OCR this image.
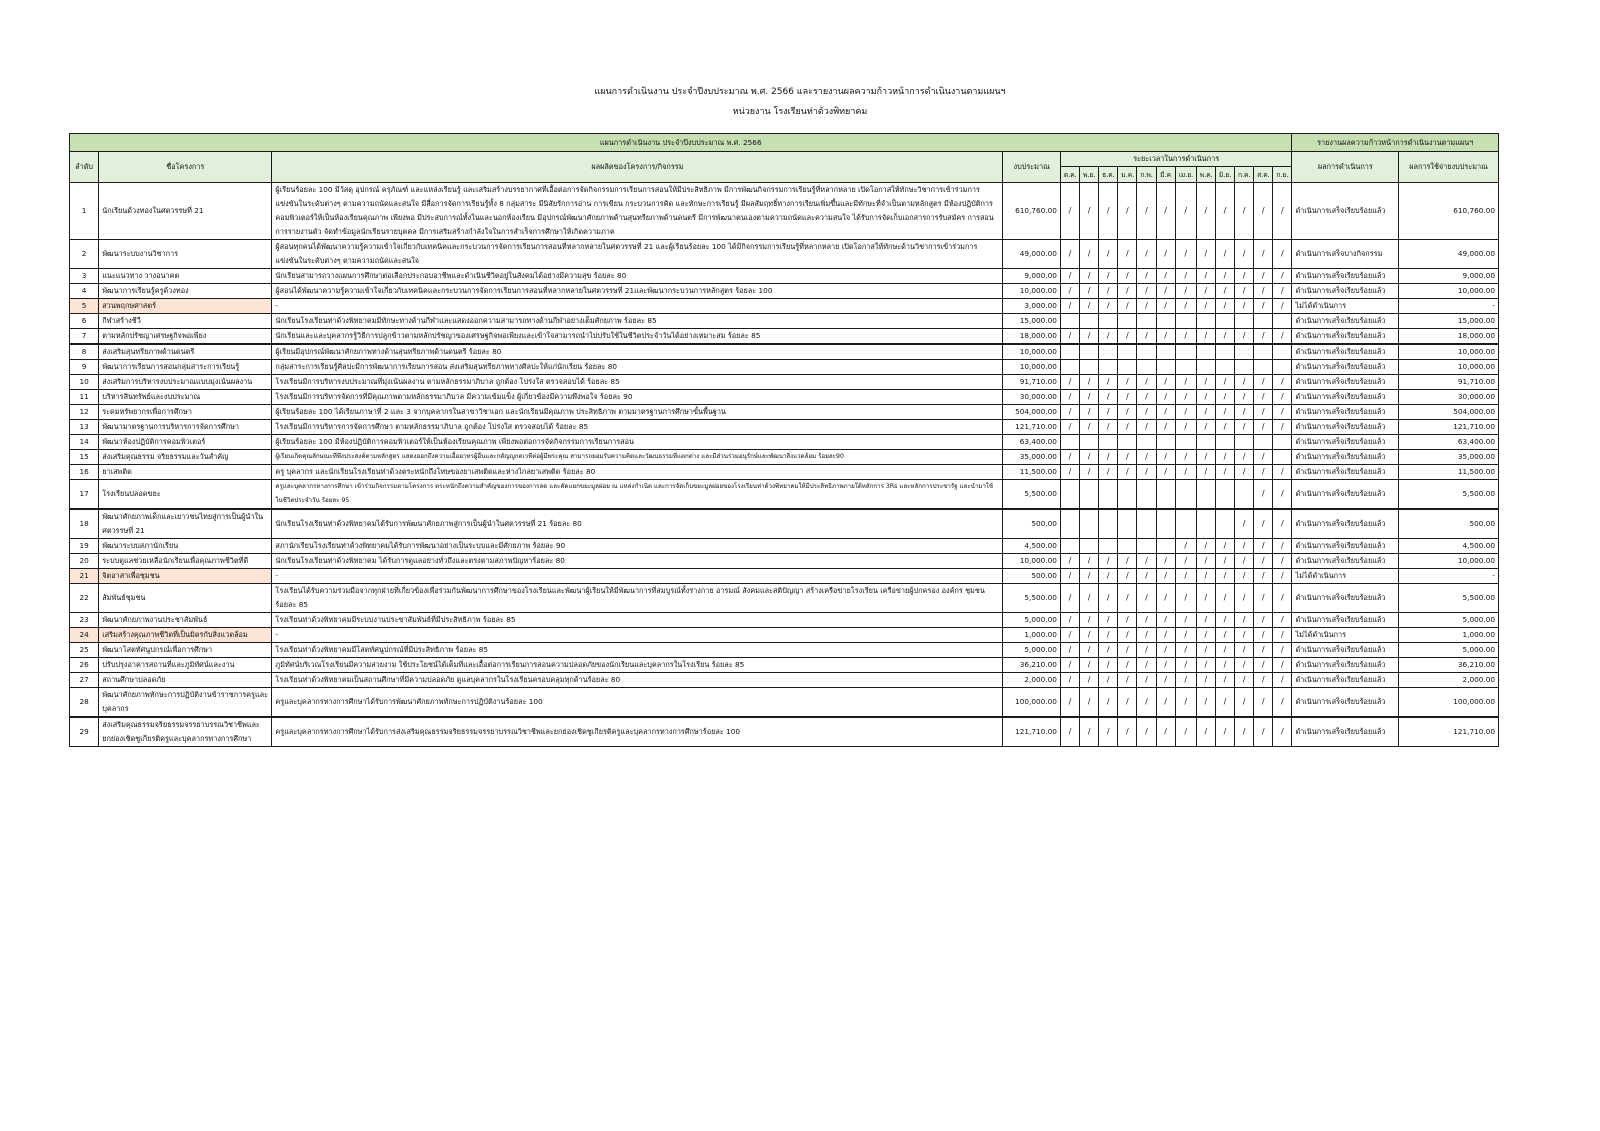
แผนการดำเนินงาน ประจำปีงบประมาณ พ.ศ. 2566 และรายงานผลความก้าวหน้าการดำเนินงานตามแผนฯ
หน่วยงาน โรงเรียนท่าด้วงพิทยาคม
แผนการดำเนินงาน ประจำปีงบประมาณ พ.ศ. 2566																รายงานผลความก้าวหน้าการดำเนินงานตามแผนฯ	
ลำดับ	ชื่อโครงการ	ผลผลิตของโครงการ/กิจกรรม	งบประมาณ	ระยะเวลาในการดำเนินการ												ผลการดำเนินการ	ผลการใช้จ่ายงบประมาณ
				ต.ค.	พ.ย.	ธ.ค.	ม.ค.	ก.พ.	มี.ค	เม.ย.	พ.ค.	มิ.ย.	ก.ค.	ส.ค.	ก.ย.		
1	นักเรียนด้วงทองในศตวรรษที่ 21	ผู้เรียนร้อยละ 100 มีวัสดุ อุปกรณ์ ครุภัณฑ์ และแหล่งเรียนรู้ และเสริมสร้างบรรยากาศที่เอื้อต่อการจัดกิจกรรมการเรียนการสอนให้มีประสิทธิภาพ มีการพัฒนกิจกรรมการเรียนรู้ที่หลากหลาย เปิดโอกาสให้ทักษะวิชาการเข้าร่วมการแข่งขันในระดับต่างๆ ตามความถนัดและสนใจ มีสื่อการจัดการเรียนรู้ทั้ง 8 กลุ่มสาระ มีนิสัยรักการอ่าน การเขียน กระบวนการคิด และทักษะการเรียนรู้ มีผลสัมฤทธิ์ทางการเรียนเพิ่มขึ้นและมีทักษะที่จำเป็นตามหลักสูตร มีห้องปฏิบัติการคอมพิวเตอร์ให้เป็นห้องเรียนคุณภาพ เพียงพอ มีประสบการณ์ทั้งในและนอกห้องเรียน มีอุปกรณ์พัฒนาศักยภาพด้านสุนทรียภาพด้านดนตรี มีการพัฒนาตนเองตามความถนัดและความสนใจ ได้รับการจัดเก็บเอกสารการรับสมัคร การสอน การรายงานตัว จัดทำข้อมูลนักเรียนรายบุคคล มีการเสริมสร้างกำลังใจในการสำเร็จการศึกษาให้เกิดความภาค	610,760.00	/	/	/	/	/	/	/	/	/	/	/	/	ดำเนินการเสร็จเรียบร้อยแล้ว	610,760.00
2	พัฒนาระบบงานวิชาการ	ผู้สอนทุกคนได้พัฒนาความรู้ความเข้าใจเกี่ยวกับเทคนิคและกระบวนการจัดการเรียนการสอนที่หลากหลายในศตวรรษที่ 21 และผู้เรียนร้อยละ 100 ได้มีกิจกรรมการเรียนรู้ที่หลากหลาย เปิดโอกาสให้ทักษะด้านวิชาการเข้าร่วมการแข่งขันในระดับต่างๆ ตามความถนัดและสนใจ	49,000.00	/	/	/	/	/	/	/	/	/	/	/	/	ดำเนินการเสร็จบางกิจกรรม	49,000.00
3	แนะแนวทาง วางอนาคต	นักเรียนสามารถวางแผนการศึกษาต่อเลือกประกอบอาชีพและดำเนินชีวิตอยู่ในสังคมได้อย่างมีความสุข ร้อยละ 80	9,000.00	/	/	/	/	/	/	/	/	/	/	/	/	ดำเนินการเสร็จเรียบร้อยแล้ว	9,000.00
4	พัฒนาการเรียนรู้ครูด้วงทอง	ผู้สอนได้พัฒนาความรู้ความเข้าใจเกี่ยวกับเทคนิคและกระบวนการจัดการเรียนการสอนที่หลากหลายในศตวรรษที่ 21และพัฒนากระบวนการหลักสูตร ร้อยละ 100	10,000.00	/	/	/	/	/	/	/	/	/	/	/	/	ดำเนินการเสร็จเรียบร้อยแล้ว	10,000.00
5	สวนพฤกษศาสตร์	-	3,000.00	/	/	/	/	/	/	/	/	/	/	/	/	ไม่ได้ดำเนินการ	-
6	กีฬาสร้างชีวี	นักเรียนโรงเรียนท่าด้วงพิทยาคมมีทักษะทางด้านกีฬาและแสดงออกความสามารถทางด้านกีฬาอย่างเต็มศักยภาพ ร้อยละ 85	15,000.00													ดำเนินการเสร็จเรียบร้อยแล้ว	15,000.00
7	ตามหลักปรัชญาเศรษฐกิจพอเพียง	นักเรียนและและบุคลากรรู้วิธีการปลูกข้าวตามหลักปรัชญาของเศรษฐกิจพอเพียงและเข้าใจสามารถนำไปปรับใช้ในชีวิตประจำวันได้อย่างเหมาะสม ร้อยละ 85	18,000.00	/	/	/	/	/	/	/	/	/	/	/	/	ดำเนินการเสร็จเรียบร้อยแล้ว	18,000.00
8	ส่งเสริมสุนทรียภาพด้านดนตรี	ผู้เรียนมีอุปกรณ์พัฒนาศักยภาพทางด้านสุนทรียภาพด้านดนตรี ร้อยละ 80	10,000.00													ดำเนินการเสร็จเรียบร้อยแล้ว	10,000.00
9	พัฒนาการเรียนการสอนกลุ่มสาระการเรียนรู้	กลุ่มสาระการเรียนรู้ศิลปะมีการพัฒนาการเรียนการสอน ส่งเสริมสุนทรียภาพทางศิลปะให้แก่นักเรียน ร้อยละ 80	10,000.00													ดำเนินการเสร็จเรียบร้อยแล้ว	10,000.00
10	ส่งเสริมการบริหารงบประมาณแบบมุ่งเน้นผลงาน	โรงเรียนมีการบริหารงบประมาณที่มุ่งเน้นผลงาน ตามหลักธรรมาภิบาล ถูกต้อง โปร่งใส ตรวจสอบได้ ร้อยละ 85	91,710.00	/	/	/	/	/	/	/	/	/	/	/	/	ดำเนินการเสร็จเรียบร้อยแล้ว	91,710.00
11	บริหารสินทรัพย์และงบประมาณ	โรงเรียนมีการบริหารจัดการที่มีคุณภาพตามหลักธรรมาภิบาล มีความเข้มแข็ง ผู้เกี่ยวข้องมีความพึงพอใจ ร้อยละ 90	30,000.00	/	/	/	/	/	/	/	/	/	/	/	/	ดำเนินการเสร็จเรียบร้อยแล้ว	30,000.00
12	ระดมทรัพยากรเพื่อการศึกษา	ผู้เรียนร้อยละ 100 ได้เรียนภาษาที่ 2 และ 3 จากบุคลากรในสาขาวิชาเอก และนักเรียนมีคุณภาพ ประสิทธิภาพ ตามมาตรฐานการศึกษาขั้นพื้นฐาน	504,000.00	/	/	/	/	/	/	/	/	/	/	/	/	ดำเนินการเสร็จเรียบร้อยแล้ว	504,000.00
13	พัฒนามาตรฐานการบริหารการจัดการศึกษา	โรงเรียนมีการบริหารการจัดการศึกษา ตามหลักธรรมาภิบาล ถูกต้อง โปร่งใส ตรวจสอบได้ ร้อยละ 85	121,710.00	/	/	/	/	/	/	/	/	/	/	/	/	ดำเนินการเสร็จเรียบร้อยแล้ว	121,710.00
14	พัฒนาห้องปฏิบัติการคอมพิวเตอร์	ผู้เรียนร้อยละ 100 มีห้องปฏิบัติการคอมพิวเตอร์ให้เป็นห้องเรียนคุณภาพ เพียงพอต่อการจัดกิจกรรมการเรียนการสอน	63,400.00													ดำเนินการเสร็จเรียบร้อยแล้ว	63,400.00
15	ส่งเสริมคุณธรรม จริยธรรมและวันสำคัญ	ผู้เรียนเกิดคุณลักษณะที่พึงประสงค์ตามหลักสูตร แสดงออกถึงความเอื้ออาทรผู้อื่นและกตัญญูกตเวทีต่อผู้มีพระคุณ สามารถยอมรับความคิดและวัฒนธรรมที่แตกต่าง และมีส่วนร่วมอนุรักษ์และพัฒนาสิ่งแวดล้อม ร้อยละ90	35,000.00	/	/	/	/	/	/	/	/	/	/	/		ดำเนินการเสร็จเรียบร้อยแล้ว	35,000.00
16	ยาเสพติด	ครู บุคลากร และนักเรียนโรงเรียนท่าด้วงตระหนักถึงโทษของยาเสพติดและห่างไกลยาเสพติด ร้อยละ 80	11,500.00	/	/	/	/	/	/	/	/	/	/	/	/	ดำเนินการเสร็จเรียบร้อยแล้ว	11,500.00
17	โรงเรียนปลอดขยะ	ครูและบุคลากรทางการศึกษา เข้าร่วมกิจกรรมตามโครงการ ตระหนักถึงความสำคัญของการของการลด และคัดแยกขยะมูลฝอย ณ แหล่งกำเนิด และการจัดเก็บขยะมูลฝอยของโรงเรียนท่าด้วงพิทยาคมให้มีประสิทธิภาพภายใต้หลักการ 3Rs และหลักการประชารัฐ และนำมาใช้ในชีวิตประจำวัน ร้อยละ 95	5,500.00											/	/	ดำเนินการเสร็จเรียบร้อยแล้ว	5,500.00
18	พัฒนาศักยภาพเด็กและเยาวชนไทยสู่การเป็นผู้นำในศตวรรษที่ 21	นักเรียนโรงเรียนท่าด้วงพิทยาคมได้รับการพัฒนาศักยภาพสู่การเป็นผู้นำในศตวรรษที่ 21 ร้อยละ 80	500.00										/	/	/	ดำเนินการเสร็จเรียบร้อยแล้ว	500.00
19	พัฒนาระบบสภานักเรียน	สภานักเรียนโรงเรียนท่าด้วงพิทยาคมได้รับการพัฒนาอย่างเป็นระบบและมีศักยภาพ ร้อยละ 90	4,500.00							/	/	/	/	/	/	ดำเนินการเสร็จเรียบร้อยแล้ว	4,500.00
20	ระบบดูแลช่วยเหลือนักเรียนเพื่อคุณภาพชีวิตที่ดี	นักเรียนโรงเรียนท่าด้วงพิทยาคม ได้รับการดูแลอย่างทั่วถึงและตรงตามสภาพปัญหาร้อยละ 80	10,000.00	/	/	/	/	/	/	/	/	/	/	/	/	ดำเนินการเสร็จเรียบร้อยแล้ว	10,000.00
21	จิตอาสาเพื่อชุมชน	-	500.00	/	/	/	/	/	/	/	/	/	/	/	/	ไม่ได้ดำเนินการ	-
22	สัมพันธ์ชุมชน	โรงเรียนได้รับความร่วมมือจากทุกฝ่ายที่เกี่ยวข้องเพื่อร่วมกันพัฒนาการศึกษาของโรงเรียนและพัฒนาผู้เรียนให้มีพัฒนาการที่สมบูรณ์ทั้งร่างกาย อารมณ์ สังคมและสติปัญญา สร้างเครือข่ายโรงเรียน เครือข่ายผู้ปกครอง องค์กร ชุมชน ร้อยละ 85	5,500.00	/	/	/	/	/	/	/	/	/	/	/	/	ดำเนินการเสร็จเรียบร้อยแล้ว	5,500.00
23	พัฒนาศักยภาพงานประชาสัมพันธ์	โรงเรียนท่าด้วงพิทยาคมมีระบบงานประชาสัมพันธ์ที่มีประสิทธิภาพ ร้อยละ 85	5,000.00	/	/	/	/	/	/	/	/	/	/	/	/	ดำเนินการเสร็จเรียบร้อยแล้ว	5,000.00
24	เสริมสร้างคุณภาพชีวิตที่เป็นมิตรกับสิ่งแวดล้อม	-	1,000.00	/	/	/	/	/	/	/	/	/	/	/	/	ไม่ได้ดำเนินการ	1,000.00
25	พัฒนาโสตทัศนูปกรณ์เพื่อการศึกษา	โรงเรียนท่าด้วงพิทยาคมมีโสตทัศนูปกรณ์ที่มีประสิทธิภาพ ร้อยละ 85	5,000.00	/	/	/	/	/	/	/	/	/	/	/	/	ดำเนินการเสร็จเรียบร้อยแล้ว	5,000.00
26	ปรับปรุงอาคารสถานที่และภูมิทัศน์และงาน	ภูมิทัศน์บริเวณโรงเรียนมีความสวยงาม ใช้ประโยชน์ได้เต็มที่และเอื้อต่อการเรียนการสอนความปลอดภัยของนักเรียนและบุคลากรในโรงเรียน ร้อยละ 85	36,210.00	/	/	/	/	/	/	/	/	/	/	/	/	ดำเนินการเสร็จเรียบร้อยแล้ว	36,210.00
27	สถานศึกษาปลอดภัย	โรงเรียนท่าด้วงพิทยาคมเป็นสถานศึกษาที่มีความปลอดภัย ดูแลบุคลากรในโรงเรียนครอบคลุมทุกด้านร้อยละ 80	2,000.00	/	/	/	/	/	/	/	/	/	/	/	/	ดำเนินการเสร็จเรียบร้อยแล้ว	2,000.00
28	พัฒนาศักยภาพทักษะการปฏิบัติงานข้าราชการครูและบุคลากร	ครูและบุคลากรทางการศึกษาได้รับการพัฒนาศักยภาพทักษะการปฏิบัติงานร้อยละ 100	100,000.00	/	/	/	/	/	/	/	/	/	/	/	/	ดำเนินการเสร็จเรียบร้อยแล้ว	100,000.00
29	ส่งเสริมคุณธรรมจริยธรรมจรรยาบรรณวิชาชีพและยกย่องเชิดชูเกียรติครูและบุคลากรทางการศึกษา	ครูและบุคลากรทางการศึกษาได้รับการส่งเสริมคุณธรรมจริยธรรมจรรยาบรรณวิชาชีพและยกย่องเชิดชูเกียรติครูและบุคลากรทางการศึกษาร้อยละ 100	121,710.00	/	/	/	/	/	/	/	/	/	/	/	/	ดำเนินการเสร็จเรียบร้อยแล้ว	121,710.00
